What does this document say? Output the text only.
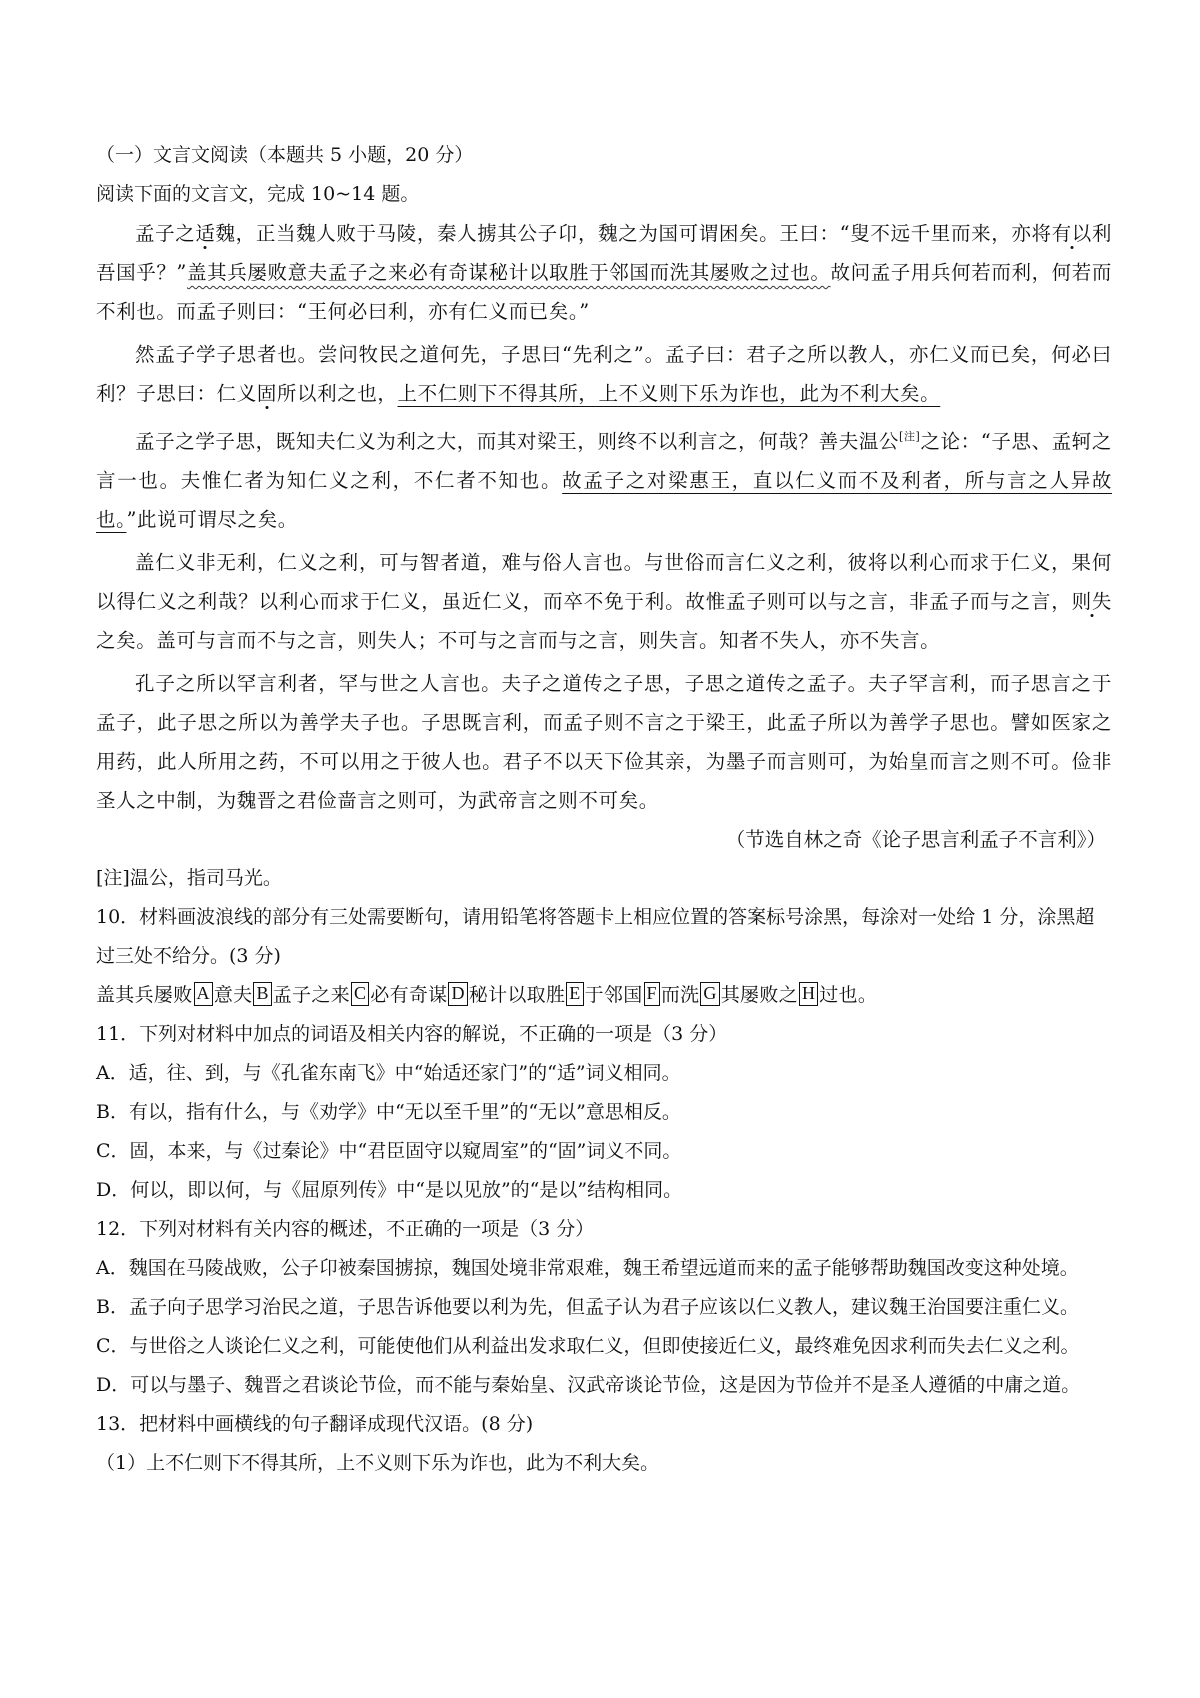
（一）文言文阅读（本题共 5 小题，20 分）
阅读下面的文言文，完成 10~14 题。

孟子之适魏，正当魏人败于马陵，秦人掳其公子卬，魏之为国可谓困矣。王曰：“叟不远千里而来，亦将有以利吾国乎？”盖其兵屡败意夫孟子之来必有奇谋秘计以取胜于邻国而洗其屡败之过也。故问孟子用兵何若而利，何若而不利也。而孟子则曰：“王何必曰利，亦有仁义而已矣。”

然孟子学子思者也。尝问牧民之道何先，子思曰“先利之”。孟子曰：君子之所以教人，亦仁义而已矣，何必曰利？子思曰：仁义固所以利之也，上不仁则下不得其所，上不义则下乐为诈也，此为不利大矣。

孟子之学子思，既知夫仁义为利之大，而其对梁王，则终不以利言之，何哉？善夫温公[注]之论：“子思、孟轲之言一也。夫惟仁者为知仁义之利，不仁者不知也。故孟子之对梁惠王，直以仁义而不及利者，所与言之人异故也。”此说可谓尽之矣。

盖仁义非无利，仁义之利，可与智者道，难与俗人言也。与世俗而言仁义之利，彼将以利心而求于仁义，果何以得仁义之利哉？以利心而求于仁义，虽近仁义，而卒不免于利。故惟孟子则可以与之言，非孟子而与之言，则失之矣。盖可与言而不与之言，则失人；不可与之言而与之言，则失言。知者不失人，亦不失言。

孔子之所以罕言利者，罕与世之人言也。夫子之道传之子思，子思之道传之孟子。夫子罕言利，而子思言之于孟子，此子思之所以为善学夫子也。子思既言利，而孟子则不言之于梁王，此孟子所以为善学子思也。譬如医家之用药，此人所用之药，不可以用之于彼人也。君子不以天下俭其亲，为墨子而言则可，为始皇而言之则不可。俭非圣人之中制，为魏晋之君俭啬言之则可，为武帝言之则不可矣。

（节选自林之奇《论子思言利孟子不言利》）
[注]温公，指司马光。
10．材料画波浪线的部分有三处需要断句，请用铅笔将答题卡上相应位置的答案标号涂黑，每涂对一处给 1 分，涂黑超过三处不给分。(3 分)
盖其兵屡败 A 意夫 B 孟子之来 C 必有奇谋 D 秘计以取胜 E 于邻国 F 而洗 G 其屡败之 H 过也。
11．下列对材料中加点的词语及相关内容的解说，不正确的一项是（3 分）
A．适，往、到，与《孔雀东南飞》中“始适还家门”的“适”词义相同。
B．有以，指有什么，与《劝学》中“无以至千里”的“无以”意思相反。
C．固，本来，与《过秦论》中“君臣固守以窥周室”的“固”词义不同。
D．何以，即以何，与《屈原列传》中“是以见放”的“是以”结构相同。
12．下列对材料有关内容的概述，不正确的一项是（3 分）
A．魏国在马陵战败，公子卬被秦国掳掠，魏国处境非常艰难，魏王希望远道而来的孟子能够帮助魏国改变这种处境。
B．孟子向子思学习治民之道，子思告诉他要以利为先，但孟子认为君子应该以仁义教人，建议魏王治国要注重仁义。
C．与世俗之人谈论仁义之利，可能使他们从利益出发求取仁义，但即使接近仁义，最终难免因求利而失去仁义之利。
D．可以与墨子、魏晋之君谈论节俭，而不能与秦始皇、汉武帝谈论节俭，这是因为节俭并不是圣人遵循的中庸之道。
13．把材料中画横线的句子翻译成现代汉语。(8 分)
（1）上不仁则下不得其所，上不义则下乐为诈也，此为不利大矣。
